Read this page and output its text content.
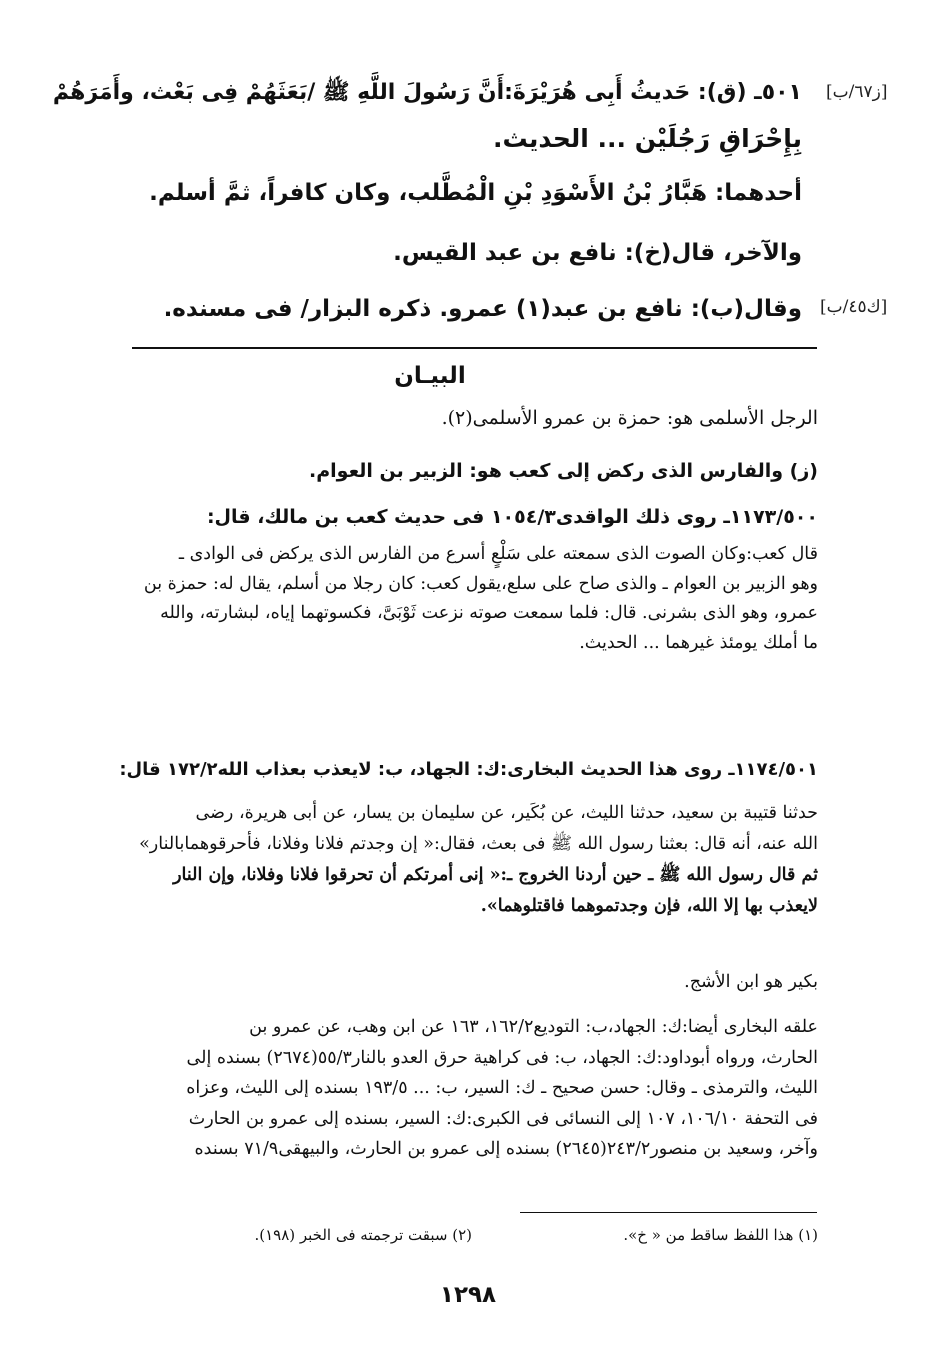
[ز٦٧/ب]
[ك٤٥/ب]
٥٠١ـ (ق): حَديثُ أَبِى هُرَيْرَةَ:أَنَّ رَسُولَ اللَّهِ ﷺ /بَعَثَهُمْ فِى بَعْث، وأَمَرَهُمْ
بِإِحْرَاقِ رَجُلَيْن ... الحديث.
أحدهما: هَبَّارُ بْنُ الأَسْوَدِ بْنِ الْمُطَّلب، وكان كافراً، ثمَّ أسلم.
والآخر، قال(خ): نافع بن عبد القيس.
وقال(ب): نافع بن عبد(١) عمرو. ذكره البزار/ فى مسنده.
البيـان
الرجل الأسلمى هو: حمزة بن عمرو الأسلمى(٢).
(ز) والفارس الذى ركض إلى كعب هو: الزبير بن العوام.
١١٧٣/٥٠٠ـ روى ذلك الواقدى١٠٥٤/٣ فى حديث كعب بن مالك، قال:
قال كعب:وكان الصوت الذى سمعته على سَلْعٍ أسرع من الفارس الذى يركض فى الوادى ـ
وهو الزبير بن العوام ـ والذى صاح على سلع،يقول كعب: كان رجلا من أسلم، يقال له: حمزة بن
عمرو، وهو الذى بشرنى. قال: فلما سمعت صوته نزعت ثَوْبَىَّ، فكسوتهما إياه، لبشارته، والله
ما أملك يومئذ غيرهما ... الحديث.
١١٧٤/٥٠١ـ روى هذا الحديث البخارى:ك: الجهاد، ب: لايعذب بعذاب الله١٧٢/٢ قال:
حدثنا قتيبة بن سعيد، حدثنا الليث، عن بُكَير، عن سليمان بن يسار، عن أبى هريرة، رضى
الله عنه، أنه قال: بعثنا رسول الله ﷺ فى بعث، فقال:« إن وجدتم فلانا وفلانا، فأحرقوهمابالنار»
ثم قال رسول الله ﷺ ـ حين أردنا الخروج ـ:« إنى أمرتكم أن تحرقوا فلانا وفلانا، وإن النار
لايعذب بها إلا الله، فإن وجدتموهما فاقتلوهما».
بكير هو ابن الأشج.
علقه البخارى أيضا:ك: الجهاد،ب: التوديع١٦٢/٢، ١٦٣ عن ابن وهب، عن عمرو بن
الحارث، ورواه أبوداود:ك: الجهاد، ب: فى كراهية حرق العدو بالنار٥٥/٣(٢٦٧٤) بسنده إلى
الليث، والترمذى ـ وقال: حسن صحيح ـ ك: السير، ب: ... ١٩٣/٥ بسنده إلى الليث، وعزاه
فى التحفة ١٠٦/١٠، ١٠٧ إلى النسائى فى الكبرى:ك: السير، بسنده إلى عمرو بن الحارث
وآخر، وسعيد بن منصور٢٤٣/٢(٢٦٤٥) بسنده إلى عمرو بن الحارث، والبيهقى٧١/٩ بسنده
(١) هذا اللفظ ساقط من « خ».
(٢) سبقت ترجمته فى الخبر (١٩٨).
١٢٩٨
